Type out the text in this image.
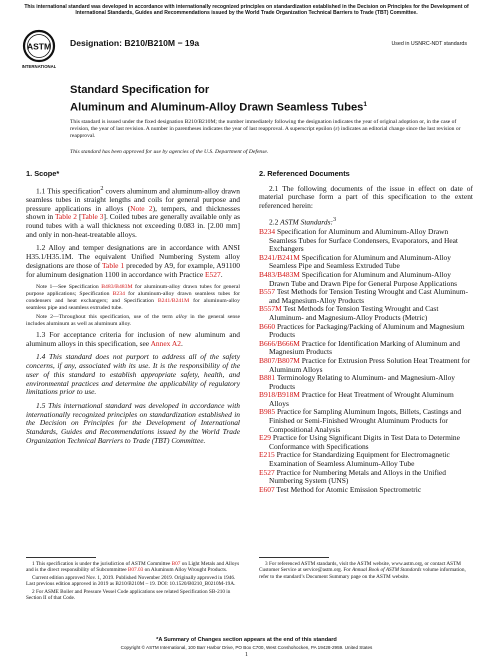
This international standard was developed in accordance with internationally recognized principles on standardization established in the Decision on Principles for the Development of International Standards, Guides and Recommendations issued by the World Trade Organization Technical Barriers to Trade (TBT) Committee.
ASTM
INTERNATIONAL
Designation: B210/B210M − 19a	Used in USNRC-NDT standards
Standard Specification for
Aluminum and Aluminum-Alloy Drawn Seamless Tubes$^1$
This standard is issued under the fixed designation B210/B210M; the number immediately following the designation indicates the year of original adoption or, in the case of revision, the year of last revision. A number in parentheses indicates the year of last reapproval. A superscript epsilon (ε) indicates an editorial change since the last revision or reapproval.
This standard has been approved for use by agencies of the U.S. Department of Defense.
1. Scope*

1.1 This specification$^2$ covers aluminum and aluminum-alloy drawn seamless tubes in straight lengths and coils for general purpose and pressure applications in alloys (Note 2), tempers, and thicknesses shown in Table 2 [Table 3]. Coiled tubes are generally available only as round tubes with a wall thickness not exceeding 0.083 in. [2.00 mm] and only in non-heat-treatable alloys.

1.2 Alloy and temper designations are in accordance with ANSI H35.1/H35.1M. The equivalent Unified Numbering System alloy designations are those of Table 1 preceded by A9, for example, A91100 for aluminum designation 1100 in accordance with Practice E527.

Note 1—See Specification B483/B483M for aluminum-alloy drawn tubes for general purpose applications; Specification B234 for aluminum-alloy drawn seamless tubes for condensers and heat exchangers; and Specification B241/B241M for aluminum-alloy seamless pipe and seamless extruded tube.

Note 2—Throughout this specification, use of the term alloy in the general sense includes aluminum as well as aluminum alloy.

1.3 For acceptance criteria for inclusion of new aluminum and aluminum alloys in this specification, see Annex A2.

1.4 This standard does not purport to address all of the safety concerns, if any, associated with its use. It is the responsibility of the user of this standard to establish appropriate safety, health, and environmental practices and determine the applicability of regulatory limitations prior to use.

1.5 This international standard was developed in accordance with internationally recognized principles on standardization established in the Decision on Principles for the Development of International Standards, Guides and Recommendations issued by the World Trade Organization Technical Barriers to Trade (TBT) Committee.

2. Referenced Documents

2.1 The following documents of the issue in effect on date of material purchase form a part of this specification to the extent referenced herein:

2.2 ASTM Standards:$^3$
B234 Specification for Aluminum and Aluminum-Alloy Drawn Seamless Tubes for Surface Condensers, Evaporators, and Heat Exchangers
B241/B241M Specification for Aluminum and Aluminum-Alloy Seamless Pipe and Seamless Extruded Tube
B483/B483M Specification for Aluminum and Aluminum-Alloy Drawn Tube and Drawn Pipe for General Purpose Applications
B557 Test Methods for Tension Testing Wrought and Cast Aluminum- and Magnesium-Alloy Products
B557M Test Methods for Tension Testing Wrought and Cast Aluminum- and Magnesium-Alloy Products (Metric)
B660 Practices for Packaging/Packing of Aluminum and Magnesium Products
B666/B666M Practice for Identification Marking of Aluminum and Magnesium Products
B807/B807M Practice for Extrusion Press Solution Heat Treatment for Aluminum Alloys
B881 Terminology Relating to Aluminum- and Magnesium-Alloy Products
B918/B918M Practice for Heat Treatment of Wrought Aluminum Alloys
B985 Practice for Sampling Aluminum Ingots, Billets, Castings and Finished or Semi-Finished Wrought Aluminum Products for Compositional Analysis
E29 Practice for Using Significant Digits in Test Data to Determine Conformance with Specifications
E215 Practice for Standardizing Equipment for Electromagnetic Examination of Seamless Aluminum-Alloy Tube
E527 Practice for Numbering Metals and Alloys in the Unified Numbering System (UNS)
E607 Test Method for Atomic Emission Spectrometric

1 This specification is under the jurisdiction of ASTM Committee B07 on Light Metals and Alloys and is the direct responsibility of Subcommittee B07.03 on Aluminum Alloy Wrought Products.

Current edition approved Nov. 1, 2019. Published November 2019. Originally approved in 1946. Last previous edition approved in 2019 as B210/B210M – 19. DOI: 10.1520/B0210_B0210M-19A.

2 For ASME Boiler and Pressure Vessel Code applications see related Specification SB-210 in Section II of that Code.

3 For referenced ASTM standards, visit the ASTM website, www.astm.org, or contact ASTM Customer Service at service@astm.org. For Annual Book of ASTM Standards volume information, refer to the standard’s Document Summary page on the ASTM website.

*A Summary of Changes section appears at the end of this standard
Copyright © ASTM International, 100 Barr Harbor Drive, PO Box C700, West Conshohocken, PA 19428-2959. United States
1
